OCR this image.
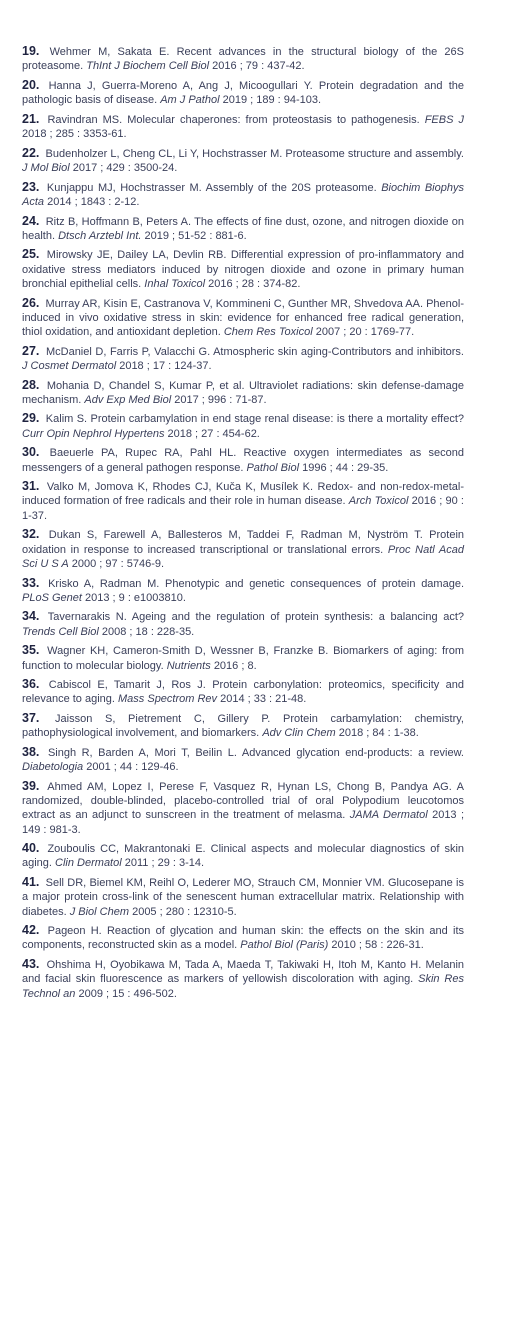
19. Wehmer M, Sakata E. Recent advances in the structural biology of the 26S proteasome. ThInt J Biochem Cell Biol 2016 ; 79 : 437-42.
20. Hanna J, Guerra-Moreno A, Ang J, Micoogullari Y. Protein degradation and the pathologic basis of disease. Am J Pathol 2019 ; 189 : 94-103.
21. Ravindran MS. Molecular chaperones: from proteostasis to pathogenesis. FEBS J 2018 ; 285 : 3353-61.
22. Budenholzer L, Cheng CL, Li Y, Hochstrasser M. Proteasome structure and assembly. J Mol Biol 2017 ; 429 : 3500-24.
23. Kunjappu MJ, Hochstrasser M. Assembly of the 20S proteasome. Biochim Biophys Acta 2014 ; 1843 : 2-12.
24. Ritz B, Hoffmann B, Peters A. The effects of fine dust, ozone, and nitrogen dioxide on health. Dtsch Arztebl Int. 2019 ; 51-52 : 881-6.
25. Mirowsky JE, Dailey LA, Devlin RB. Differential expression of pro-inflammatory and oxidative stress mediators induced by nitrogen dioxide and ozone in primary human bronchial epithelial cells. Inhal Toxicol 2016 ; 28 : 374-82.
26. Murray AR, Kisin E, Castranova V, Kommineni C, Gunther MR, Shvedova AA. Phenol-induced in vivo oxidative stress in skin: evidence for enhanced free radical generation, thiol oxidation, and antioxidant depletion. Chem Res Toxicol 2007 ; 20 : 1769-77.
27. McDaniel D, Farris P, Valacchi G. Atmospheric skin aging-Contributors and inhibitors. J Cosmet Dermatol 2018 ; 17 : 124-37.
28. Mohania D, Chandel S, Kumar P, et al. Ultraviolet radiations: skin defense-damage mechanism. Adv Exp Med Biol 2017 ; 996 : 71-87.
29. Kalim S. Protein carbamylation in end stage renal disease: is there a mortality effect? Curr Opin Nephrol Hypertens 2018 ; 27 : 454-62.
30. Baeuerle PA, Rupec RA, Pahl HL. Reactive oxygen intermediates as second messengers of a general pathogen response. Pathol Biol 1996 ; 44 : 29-35.
31. Valko M, Jomova K, Rhodes CJ, Kuča K, Musílek K. Redox- and non-redox-metal-induced formation of free radicals and their role in human disease. Arch Toxicol 2016 ; 90 : 1-37.
32. Dukan S, Farewell A, Ballesteros M, Taddei F, Radman M, Nyström T. Protein oxidation in response to increased transcriptional or translational errors. Proc Natl Acad Sci U S A 2000 ; 97 : 5746-9.
33. Krisko A, Radman M. Phenotypic and genetic consequences of protein damage. PLoS Genet 2013 ; 9 : e1003810.
34. Tavernarakis N. Ageing and the regulation of protein synthesis: a balancing act? Trends Cell Biol 2008 ; 18 : 228-35.
35. Wagner KH, Cameron-Smith D, Wessner B, Franzke B. Biomarkers of aging: from function to molecular biology. Nutrients 2016 ; 8.
36. Cabiscol E, Tamarit J, Ros J. Protein carbonylation: proteomics, specificity and relevance to aging. Mass Spectrom Rev 2014 ; 33 : 21-48.
37. Jaisson S, Pietrement C, Gillery P. Protein carbamylation: chemistry, pathophysiological involvement, and biomarkers. Adv Clin Chem 2018 ; 84 : 1-38.
38. Singh R, Barden A, Mori T, Beilin L. Advanced glycation end-products: a review. Diabetologia 2001 ; 44 : 129-46.
39. Ahmed AM, Lopez I, Perese F, Vasquez R, Hynan LS, Chong B, Pandya AG. A randomized, double-blinded, placebo-controlled trial of oral Polypodium leucotomos extract as an adjunct to sunscreen in the treatment of melasma. JAMA Dermatol 2013 ; 149 : 981-3.
40. Zouboulis CC, Makrantonaki E. Clinical aspects and molecular diagnostics of skin aging. Clin Dermatol 2011 ; 29 : 3-14.
41. Sell DR, Biemel KM, Reihl O, Lederer MO, Strauch CM, Monnier VM. Glucosepane is a major protein cross-link of the senescent human extracellular matrix. Relationship with diabetes. J Biol Chem 2005 ; 280 : 12310-5.
42. Pageon H. Reaction of glycation and human skin: the effects on the skin and its components, reconstructed skin as a model. Pathol Biol (Paris) 2010 ; 58 : 226-31.
43. Ohshima H, Oyobikawa M, Tada A, Maeda T, Takiwaki H, Itoh M, Kanto H. Melanin and facial skin fluorescence as markers of yellowish discoloration with aging. Skin Res Technol an 2009 ; 15 : 496-502.
